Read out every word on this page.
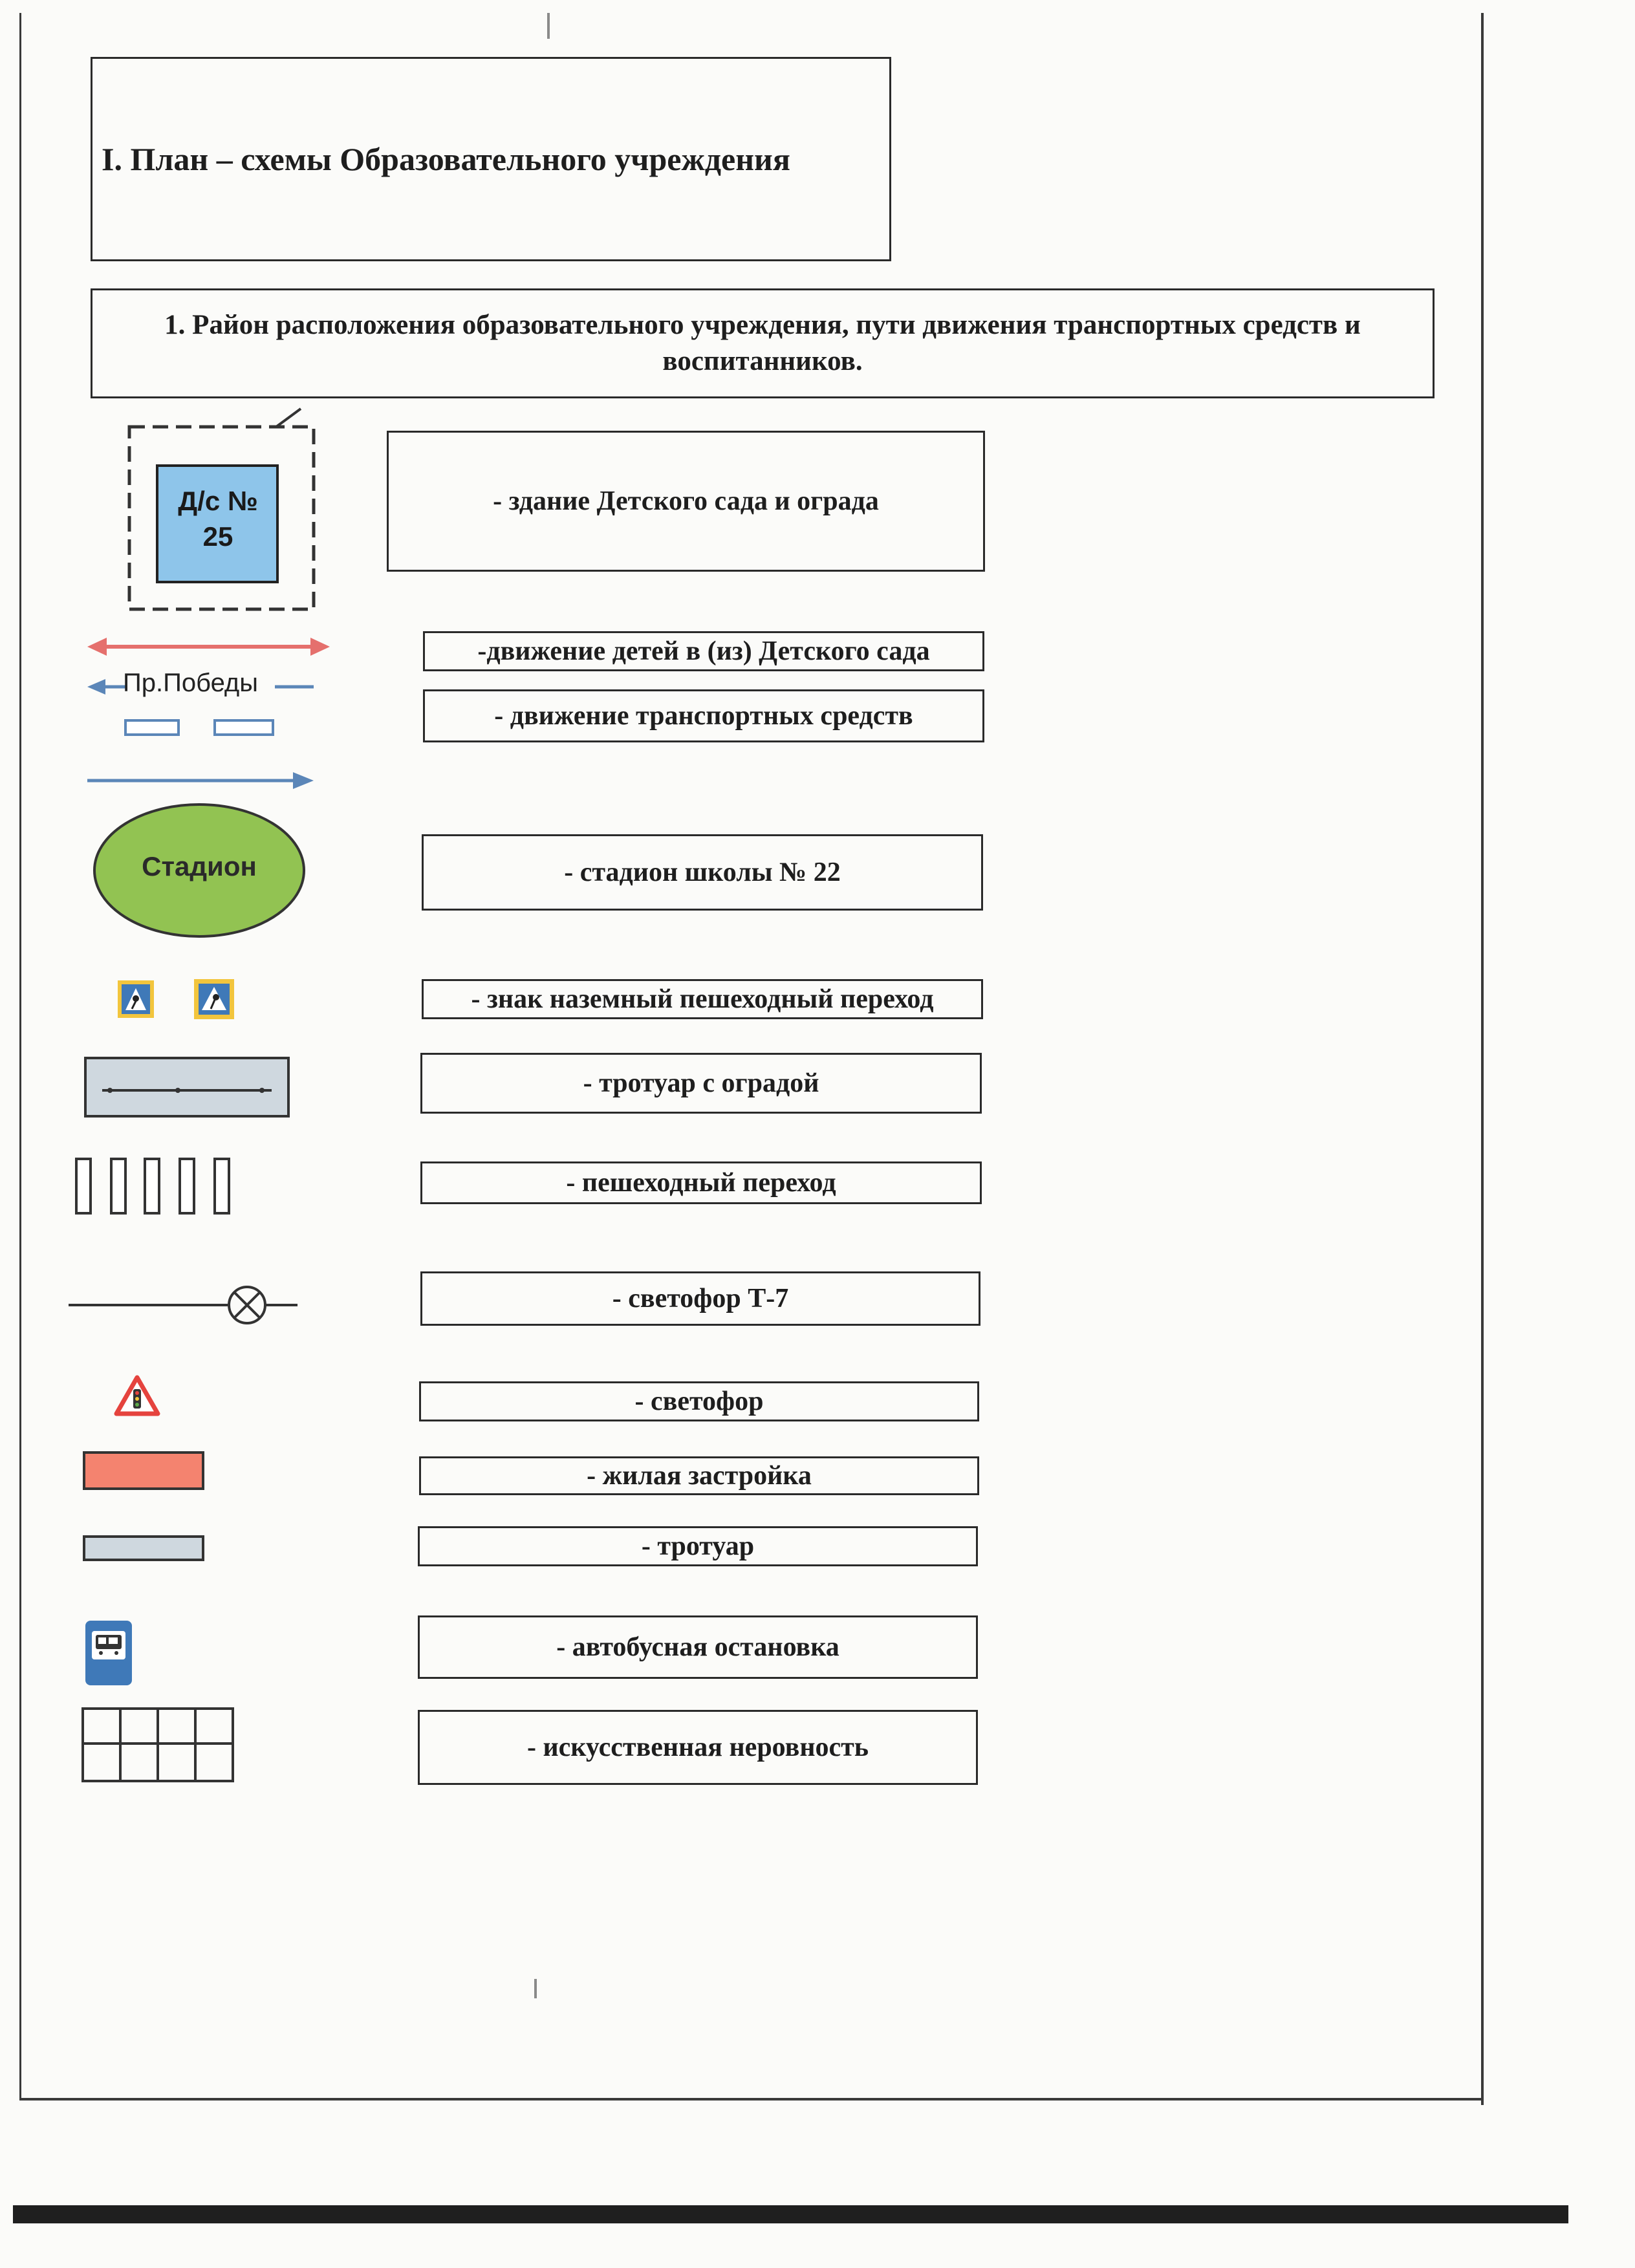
I. План – схемы Образовательного учреждения
1. Район расположения образовательного учреждения, пути движения транспортных средств и воспитанников.
Д/с № 25
- здание Детского сада и ограда
-движение детей в (из) Детского сада
Пр.Победы
- движение транспортных средств
Стадион	- стадион школы № 22
- знак наземный пешеходный переход
- тротуар с оградой
- пешеходный переход
- светофор Т-7
- светофор
- жилая застройка
- тротуар
- автобусная остановка
- искусственная неровность
